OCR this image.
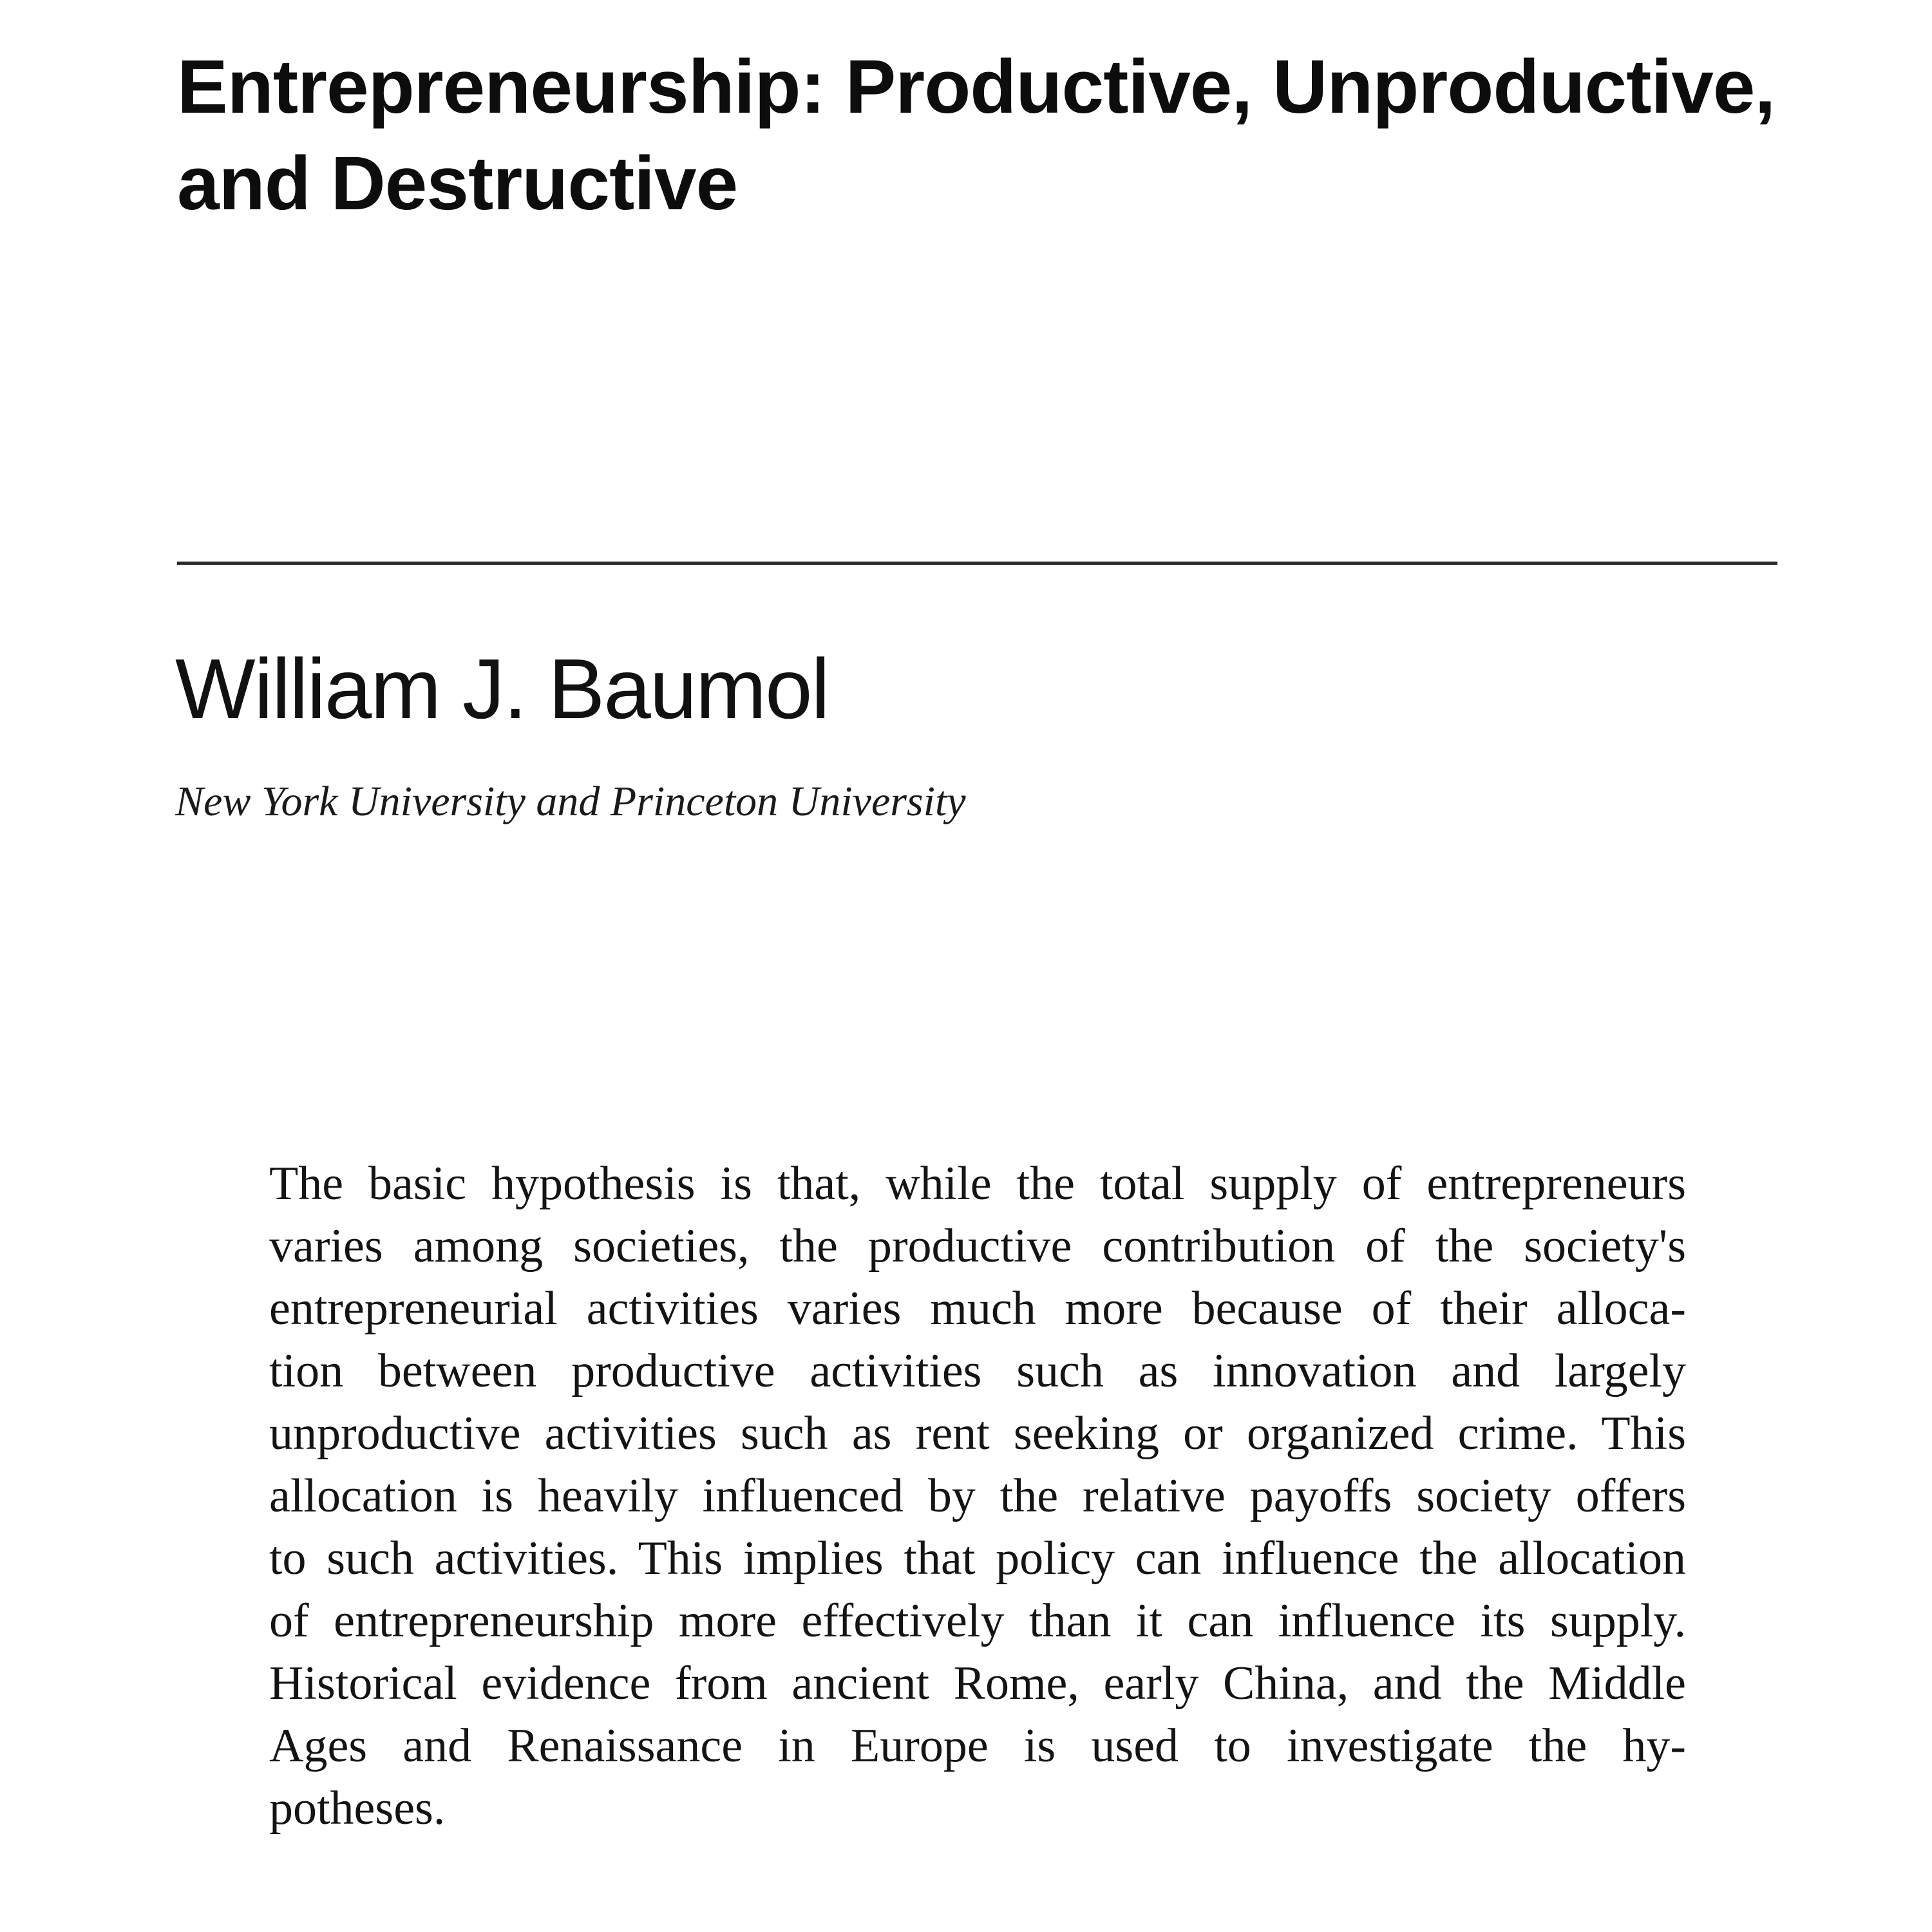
Entrepreneurship: Productive, Unproductive,
and Destructive

William J. Baumol

New York University and Princeton University

The basic hypothesis is that, while the total supply of entrepreneurs
varies among societies, the productive contribution of the society's
entrepreneurial activities varies much more because of their alloca-
tion between productive activities such as innovation and largely
unproductive activities such as rent seeking or organized crime. This
allocation is heavily influenced by the relative payoffs society offers
to such activities. This implies that policy can influence the allocation
of entrepreneurship more effectively than it can influence its supply.
Historical evidence from ancient Rome, early China, and the Middle
Ages and Renaissance in Europe is used to investigate the hy-
potheses.
